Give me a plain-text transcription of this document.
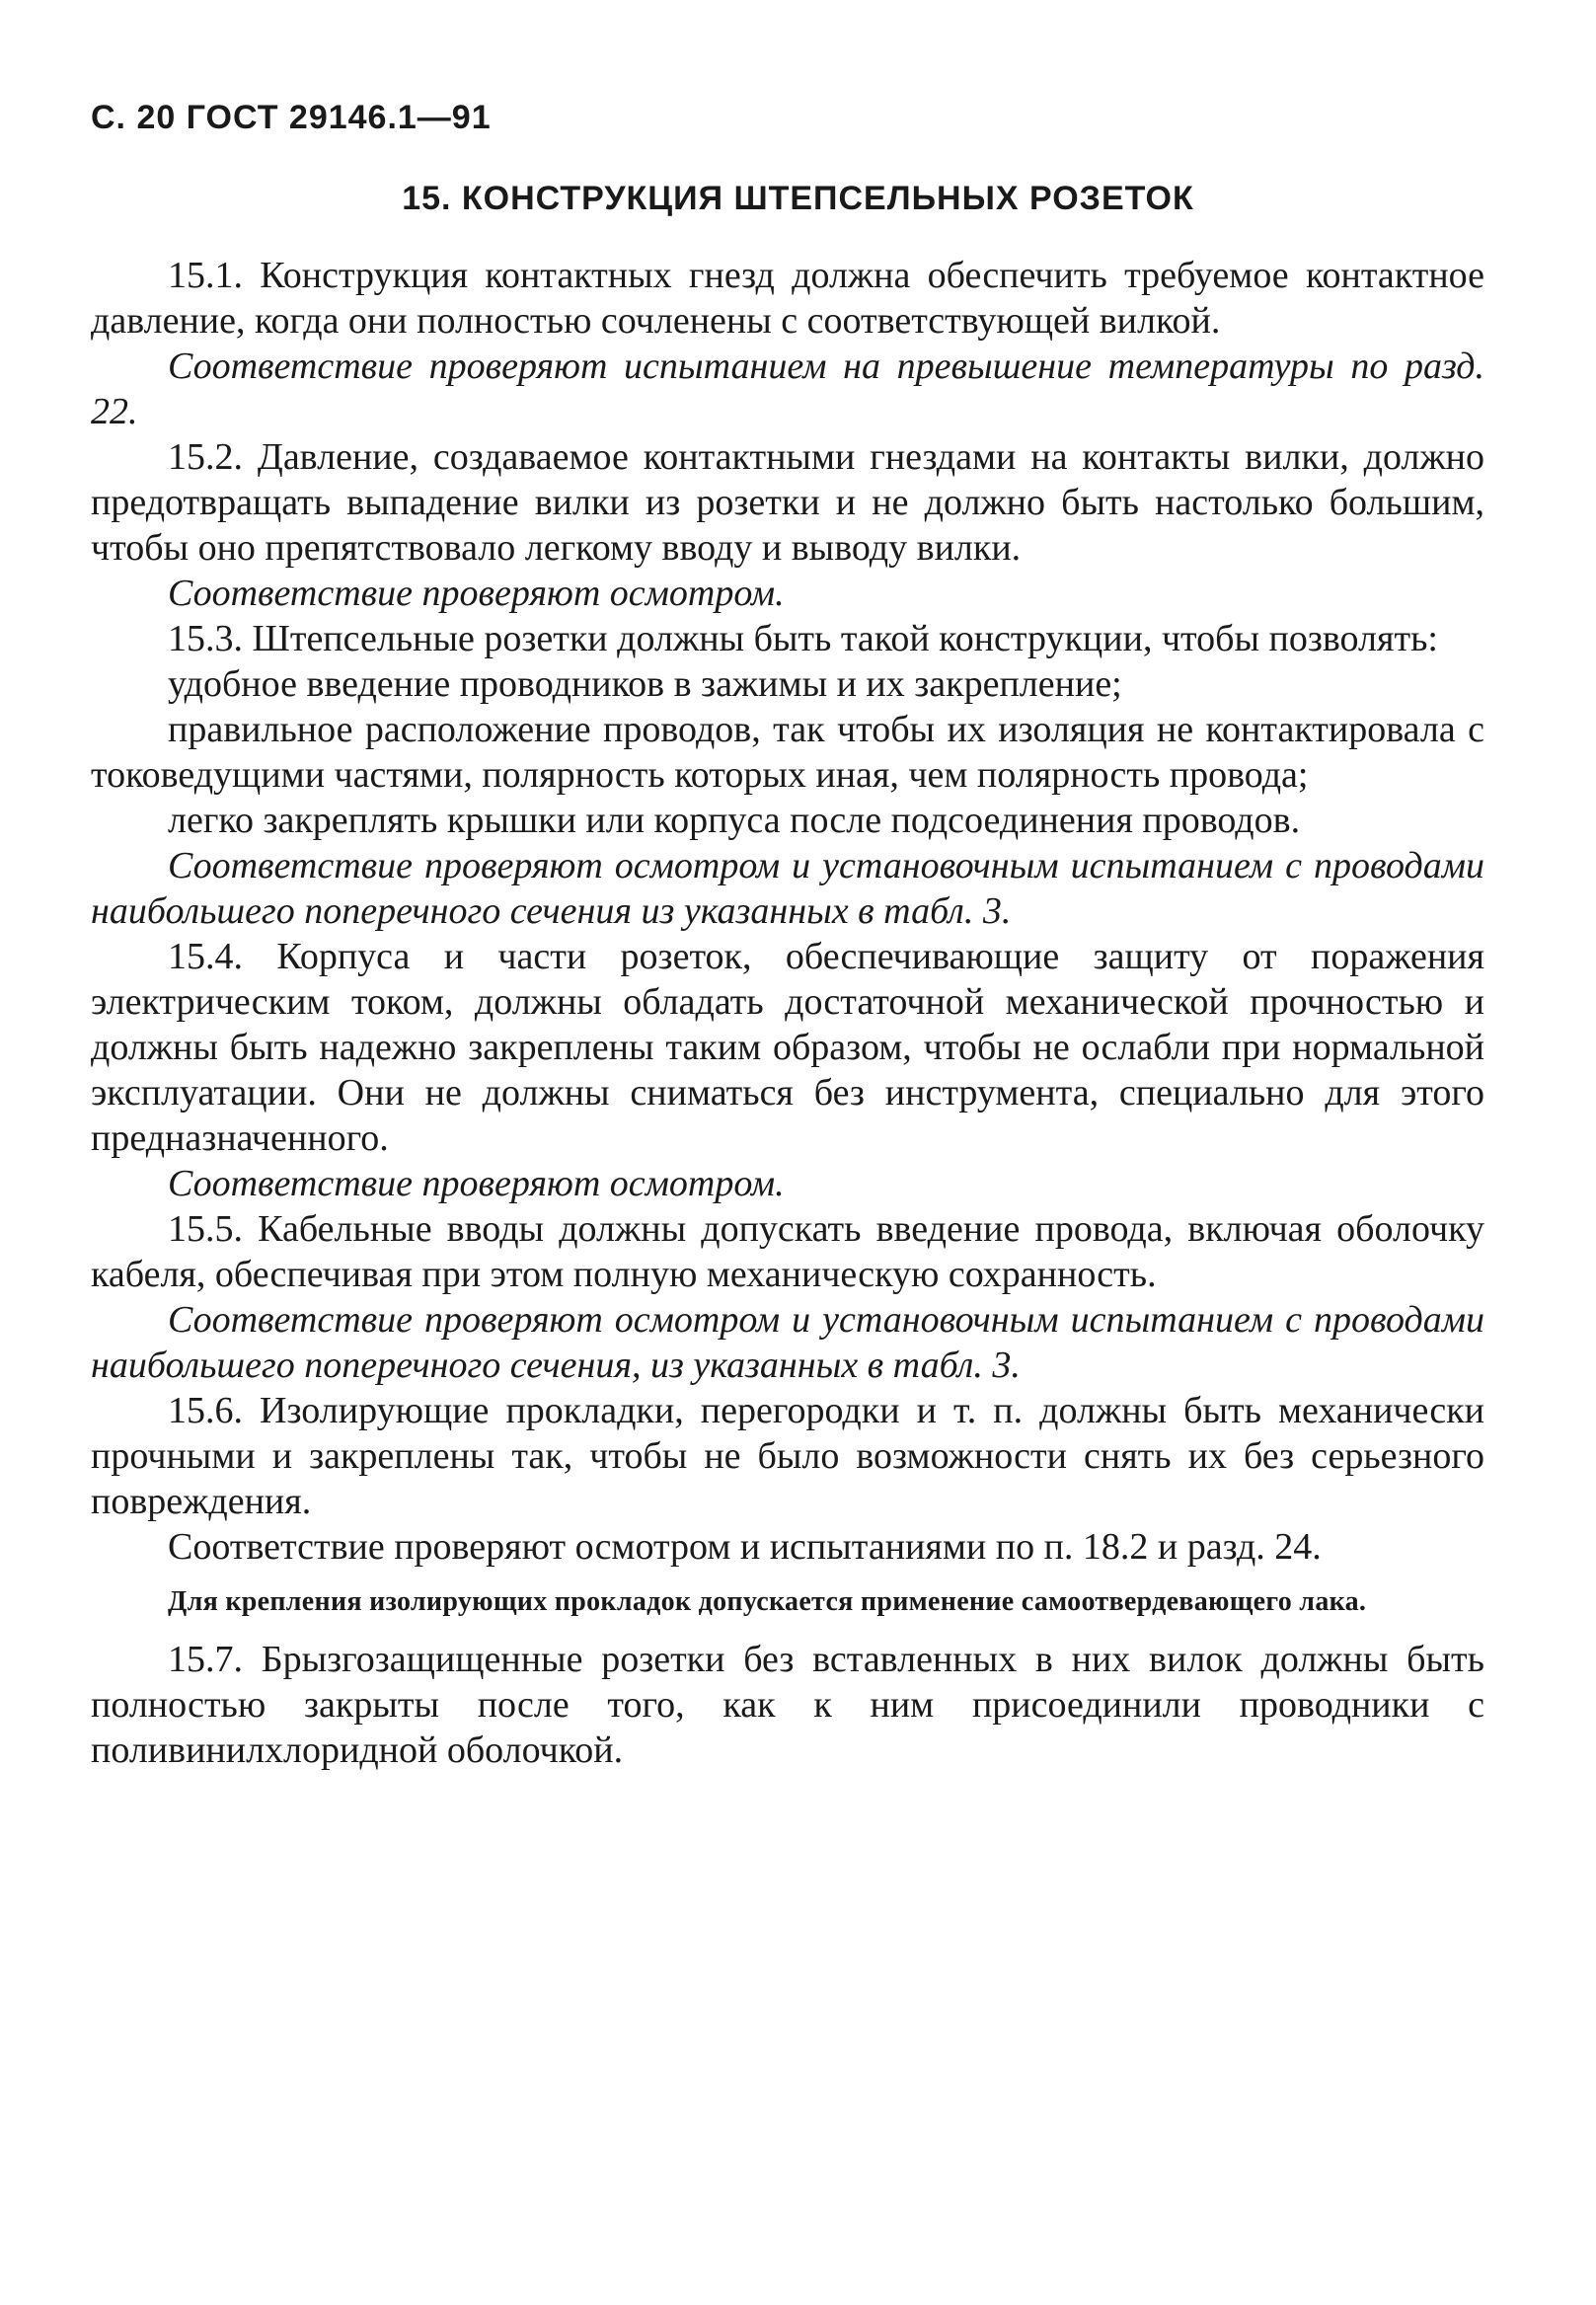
С. 20 ГОСТ 29146.1—91
15. КОНСТРУКЦИЯ ШТЕПСЕЛЬНЫХ РОЗЕТОК

15.1. Конструкция контактных гнезд должна обеспечить требуемое контактное давление, когда они полностью сочленены с соответствующей вилкой.

Соответствие проверяют испытанием на превышение температуры по разд. 22.

15.2. Давление, создаваемое контактными гнездами на контакты вилки, должно предотвращать выпадение вилки из розетки и не должно быть настолько большим, чтобы оно препятствовало легкому вводу и выводу вилки.

Соответствие проверяют осмотром.

15.3. Штепсельные розетки должны быть такой конструкции, чтобы позволять:

удобное введение проводников в зажимы и их закрепление;

правильное расположение проводов, так чтобы их изоляция не контактировала с токоведущими частями, полярность которых иная, чем полярность провода;

легко закреплять крышки или корпуса после подсоединения проводов.

Соответствие проверяют осмотром и установочным испытанием с проводами наибольшего поперечного сечения из указанных в табл. 3.

15.4. Корпуса и части розеток, обеспечивающие защиту от поражения электрическим током, должны обладать достаточной механической прочностью и должны быть надежно закреплены таким образом, чтобы не ослабли при нормальной эксплуатации. Они не должны сниматься без инструмента, специально для этого предназначенного.

Соответствие проверяют осмотром.

15.5. Кабельные вводы должны допускать введение провода, включая оболочку кабеля, обеспечивая при этом полную механическую сохранность.

Соответствие проверяют осмотром и установочным испытанием с проводами наибольшего поперечного сечения, из указанных в табл. 3.

15.6. Изолирующие прокладки, перегородки и т. п. должны быть механически прочными и закреплены так, чтобы не было возможности снять их без серьезного повреждения.

Соответствие проверяют осмотром и испытаниями по п. 18.2 и разд. 24.

Для крепления изолирующих прокладок допускается применение самоотвердевающего лака.

15.7. Брызгозащищенные розетки без вставленных в них вилок должны быть полностью закрыты после того, как к ним присоединили проводники с поливинилхлоридной оболочкой.
